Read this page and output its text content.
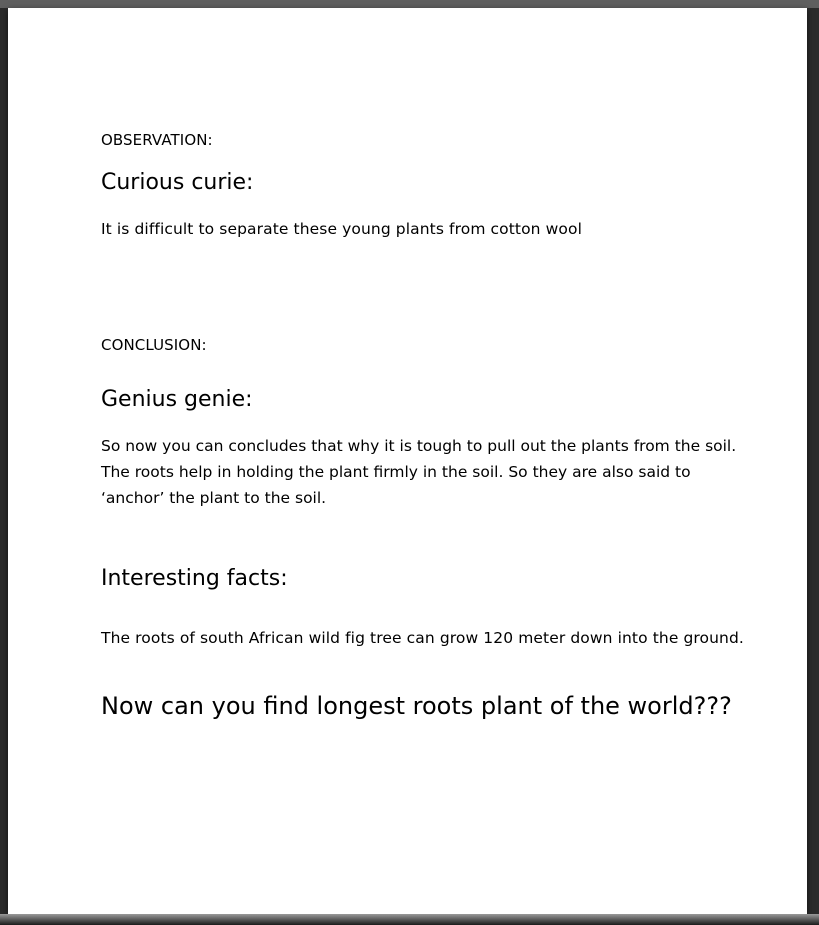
OBSERVATION:
Curious curie:
It is difficult to separate these young plants from cotton wool
CONCLUSION:
Genius genie:
So now you can concludes that why it is tough to pull out the plants from the soil.
The roots help in holding the plant firmly in the soil. So they are also said to
‘anchor’ the plant to the soil.
Interesting facts:
The roots of south African wild fig tree can grow 120 meter down into the ground.
Now can you find longest roots plant of the world???
